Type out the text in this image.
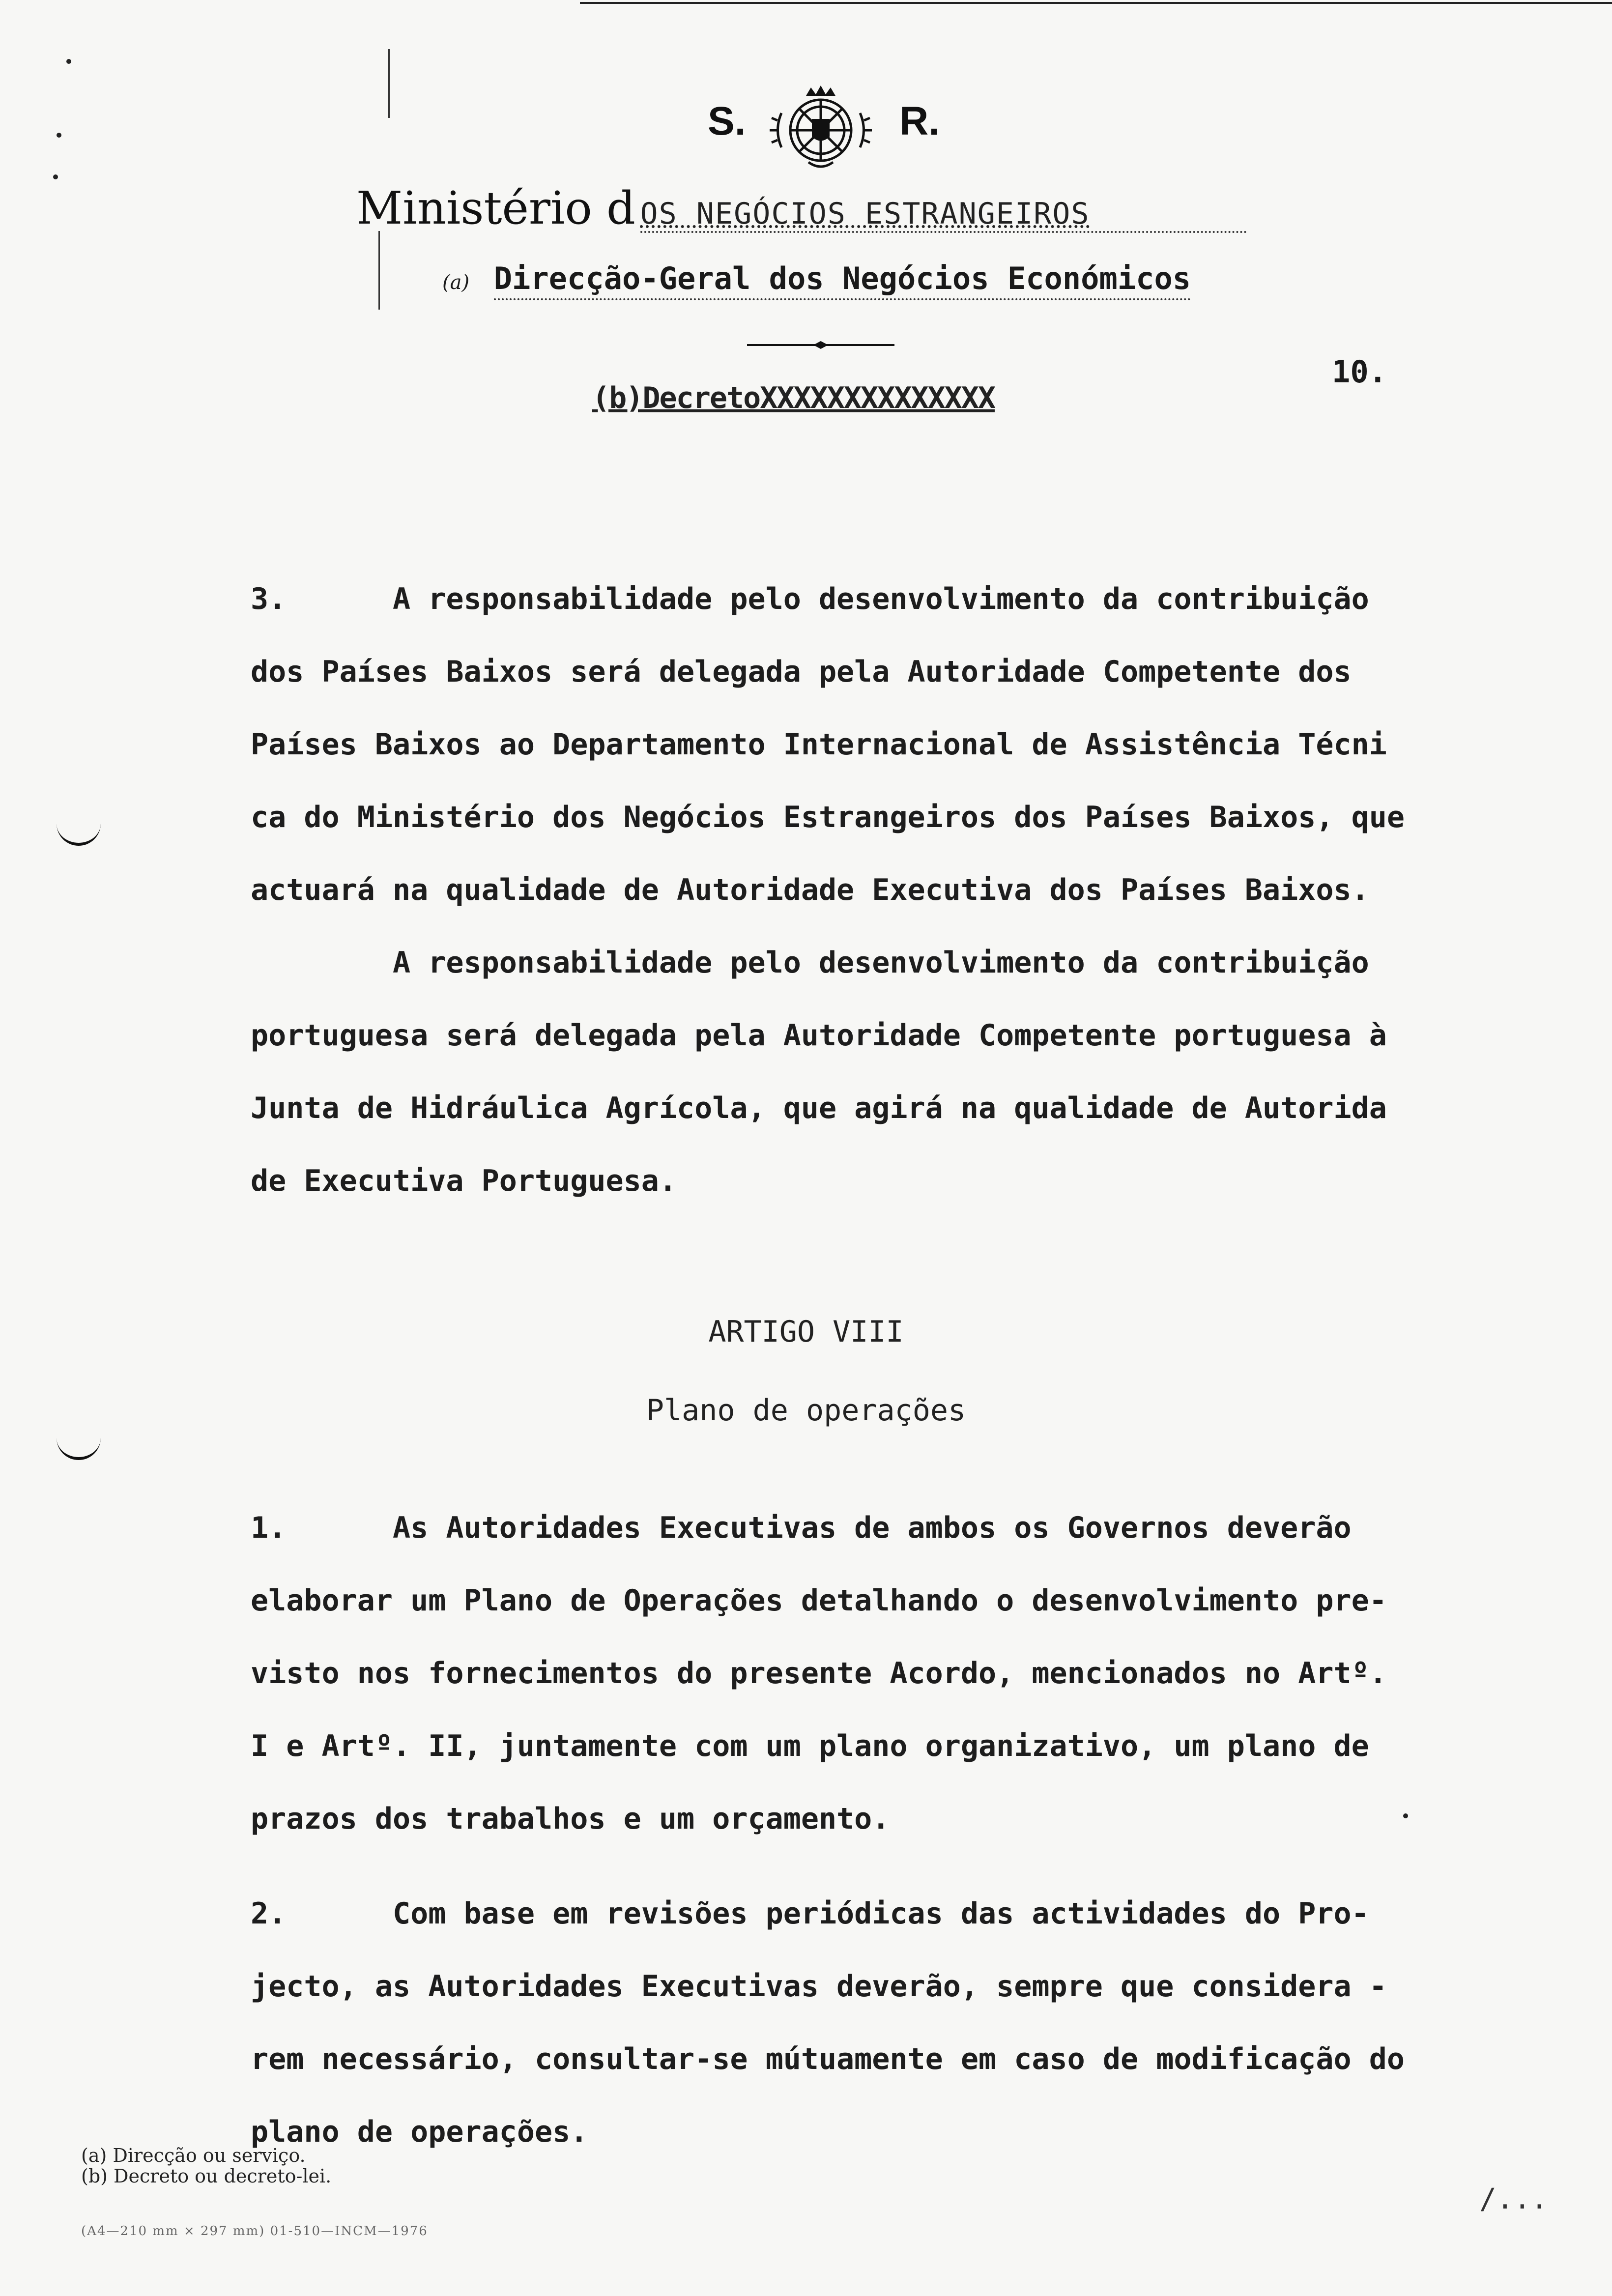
S.	R.
Ministério d OS NEGÓCIOS ESTRANGEIROS
(a) Direcção-Geral dos Negócios Económicos
(b)DecretoXXXXXXXXXXXXXX
10.

3.      A responsabilidade pelo desenvolvimento da contribuição

dos Países Baixos será delegada pela Autoridade Competente dos

Países Baixos ao Departamento Internacional de Assistência Técni

ca do Ministério dos Negócios Estrangeiros dos Países Baixos, que

actuará na qualidade de Autoridade Executiva dos Países Baixos.

A responsabilidade pelo desenvolvimento da contribuição

portuguesa será delegada pela Autoridade Competente portuguesa à

Junta de Hidráulica Agrícola, que agirá na qualidade de Autorida

de Executiva Portuguesa.

ARTIGO VIII
Plano de operações

1.      As Autoridades Executivas de ambos os Governos deverão

elaborar um Plano de Operações detalhando o desenvolvimento pre-

visto nos fornecimentos do presente Acordo, mencionados no Artº.

I e Artº. II, juntamente com um plano organizativo, um plano de

prazos dos trabalhos e um orçamento.

2.      Com base em revisões periódicas das actividades do Pro-

jecto, as Autoridades Executivas deverão, sempre que considera -

rem necessário, consultar-se mútuamente em caso de modificação do

plano de operações.

(a) Direcção ou serviço.
(b) Decreto ou decreto-lei.
(A4—210 mm × 297 mm) 01-510—INCM—1976
/...
